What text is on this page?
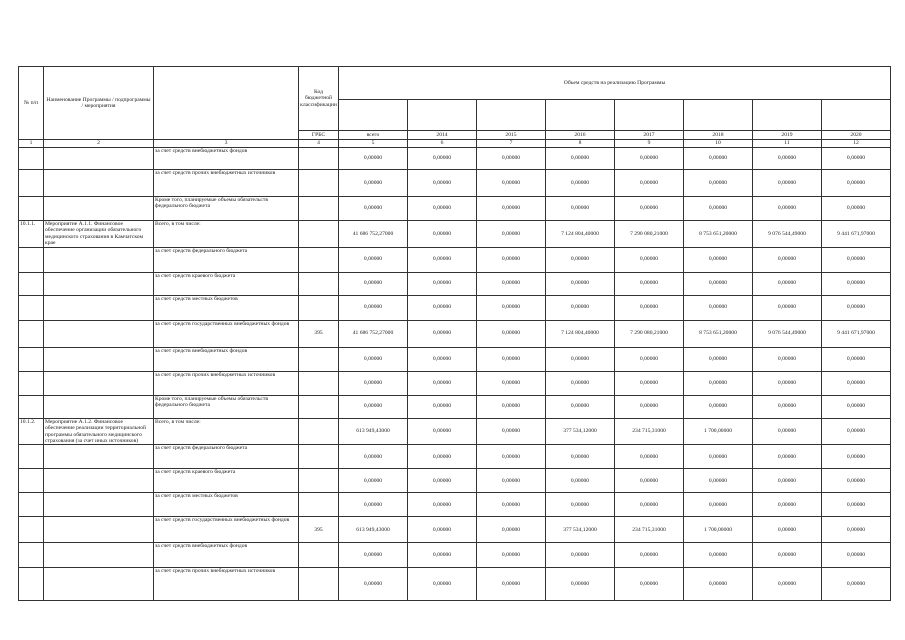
№ п/п	Наименование Программы / подпрограммы / мероприятия		Код бюджетной классификации	Объем средств на реализацию Программы							

			ГРБС	всего	2014	2015	2016	2017	2018	2019	2020
1	2	3	4	5	6	7	8	9	10	11	12
		за счет средств внебюджетных фондов		0,00000	0,00000	0,00000	0,00000	0,00000	0,00000	0,00000	0,00000
		за счет средств прочих внебюджетных источников		0,00000	0,00000	0,00000	0,00000	0,00000	0,00000	0,00000	0,00000
		Кроме того, планируемые объемы обязательств федерального бюджета		0,00000	0,00000	0,00000	0,00000	0,00000	0,00000	0,00000	0,00000
10.1.1.	Мероприятие А.1.1. Финансовое обеспечение организации обязательного медицинского страхования в Камчатском крае	Всего, в том числе:		41 686 752,27000	0,00000	0,00000	7 124 804,40000	7 290 080,21000	8 753 651,20000	9 076 544,49000	9 441 671,97000
		за счет средств федерального бюджета		0,00000	0,00000	0,00000	0,00000	0,00000	0,00000	0,00000	0,00000
		за счет средств краевого бюджета		0,00000	0,00000	0,00000	0,00000	0,00000	0,00000	0,00000	0,00000
		за счет средств местных бюджетов		0,00000	0,00000	0,00000	0,00000	0,00000	0,00000	0,00000	0,00000
		за счет средств государственных внебюджетных фондов	395	41 686 752,27000	0,00000	0,00000	7 124 804,40000	7 290 080,21000	8 753 651,20000	9 076 544,49000	9 441 671,97000
		за счет средств внебюджетных фондов		0,00000	0,00000	0,00000	0,00000	0,00000	0,00000	0,00000	0,00000
		за счет средств прочих внебюджетных источников		0,00000	0,00000	0,00000	0,00000	0,00000	0,00000	0,00000	0,00000
		Кроме того, планируемые объемы обязательств федерального бюджета		0,00000	0,00000	0,00000	0,00000	0,00000	0,00000	0,00000	0,00000
10.1.2.	Мероприятие А.1.2. Финансовое обеспечение реализации территориальной программы обязательного медицинского страхования (за счет иных источников)	Всего, в том числе:		613 949,43000	0,00000	0,00000	377 534,12000	234 715,31000	1 700,00000	0,00000	0,00000
		за счет средств федерального бюджета		0,00000	0,00000	0,00000	0,00000	0,00000	0,00000	0,00000	0,00000
		за счет средств краевого бюджета		0,00000	0,00000	0,00000	0,00000	0,00000	0,00000	0,00000	0,00000
		за счет средств местных бюджетов		0,00000	0,00000	0,00000	0,00000	0,00000	0,00000	0,00000	0,00000
		за счет средств государственных внебюджетных фондов	395	613 949,43000	0,00000	0,00000	377 534,12000	234 715,31000	1 700,00000	0,00000	0,00000
		за счет средств внебюджетных фондов		0,00000	0,00000	0,00000	0,00000	0,00000	0,00000	0,00000	0,00000
		за счет средств прочих внебюджетных источников		0,00000	0,00000	0,00000	0,00000	0,00000	0,00000	0,00000	0,00000
